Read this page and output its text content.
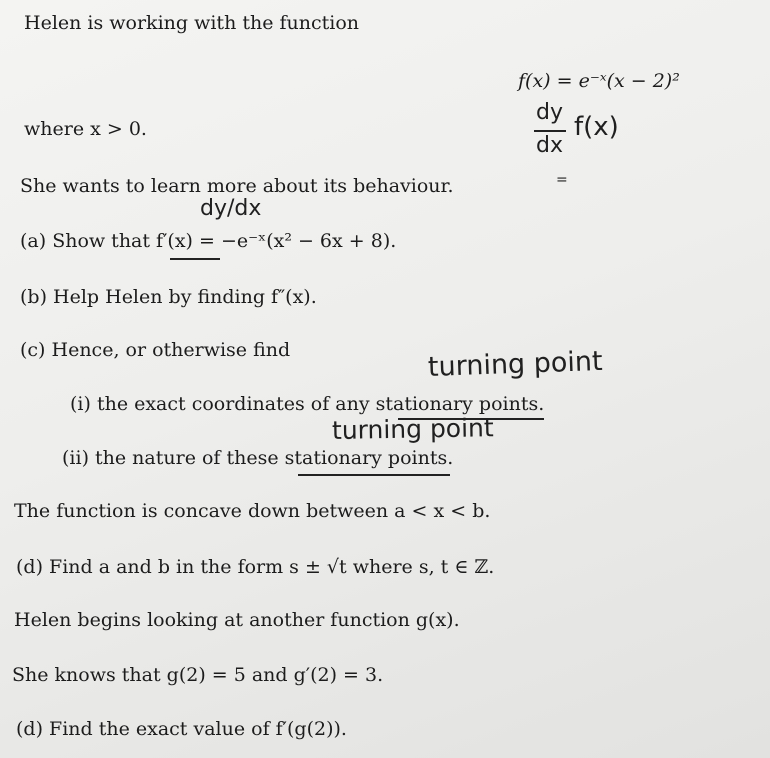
Helen is working with the function
f(x) = e⁻ˣ(x − 2)²
where x > 0.
She wants to learn more about its behaviour.
(a) Show that f′(x) = −e⁻ˣ(x² − 6x + 8).
(b) Help Helen by finding f″(x).
(c) Hence, or otherwise find
(i) the exact coordinates of any stationary points.
(ii) the nature of these stationary points.
The function is concave down between a < x < b.
(d) Find a and b in the form s ± √t where s, t ∈ ℤ.
Helen begins looking at another function g(x).
She knows that g(2) = 5 and g′(2) = 3.
(d) Find the exact value of f′(g(2)).
dy
dx
f(x)
=
dy/dx
turning point
turning point
